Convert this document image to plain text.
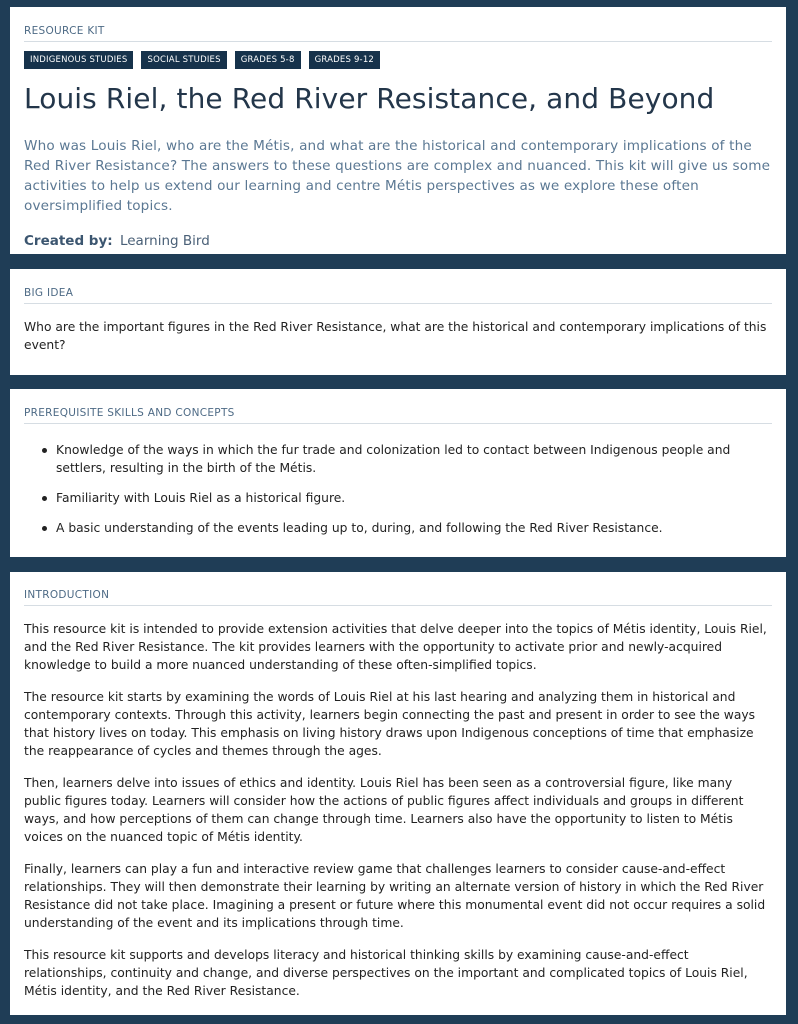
RESOURCE KIT
INDIGENOUS STUDIES	SOCIAL STUDIES	GRADES 5-8	GRADES 9-12
Louis Riel, the Red River Resistance, and Beyond
Who was Louis Riel, who are the Métis, and what are the historical and contemporary implications of the Red River Resistance? The answers to these questions are complex and nuanced. This kit will give us some activities to help us extend our learning and centre Métis perspectives as we explore these often oversimplified topics.
Created by: Learning Bird
BIG IDEA
Who are the important figures in the Red River Resistance, what are the historical and contemporary implications of this event?
PREREQUISITE SKILLS AND CONCEPTS
Knowledge of the ways in which the fur trade and colonization led to contact between Indigenous people and settlers, resulting in the birth of the Métis.
Familiarity with Louis Riel as a historical figure.
A basic understanding of the events leading up to, during, and following the Red River Resistance.
INTRODUCTION

This resource kit is intended to provide extension activities that delve deeper into the topics of Métis identity, Louis Riel, and the Red River Resistance. The kit provides learners with the opportunity to activate prior and newly-acquired knowledge to build a more nuanced understanding of these often-simplified topics.

The resource kit starts by examining the words of Louis Riel at his last hearing and analyzing them in historical and contemporary contexts. Through this activity, learners begin connecting the past and present in order to see the ways that history lives on today. This emphasis on living history draws upon Indigenous conceptions of time that emphasize the reappearance of cycles and themes through the ages.

Then, learners delve into issues of ethics and identity. Louis Riel has been seen as a controversial figure, like many public figures today. Learners will consider how the actions of public figures affect individuals and groups in different ways, and how perceptions of them can change through time. Learners also have the opportunity to listen to Métis voices on the nuanced topic of Métis identity.

Finally, learners can play a fun and interactive review game that challenges learners to consider cause-and-effect relationships. They will then demonstrate their learning by writing an alternate version of history in which the Red River Resistance did not take place. Imagining a present or future where this monumental event did not occur requires a solid understanding of the event and its implications through time.

This resource kit supports and develops literacy and historical thinking skills by examining cause-and-effect relationships, continuity and change, and diverse perspectives on the important and complicated topics of Louis Riel, Métis identity, and the Red River Resistance.
